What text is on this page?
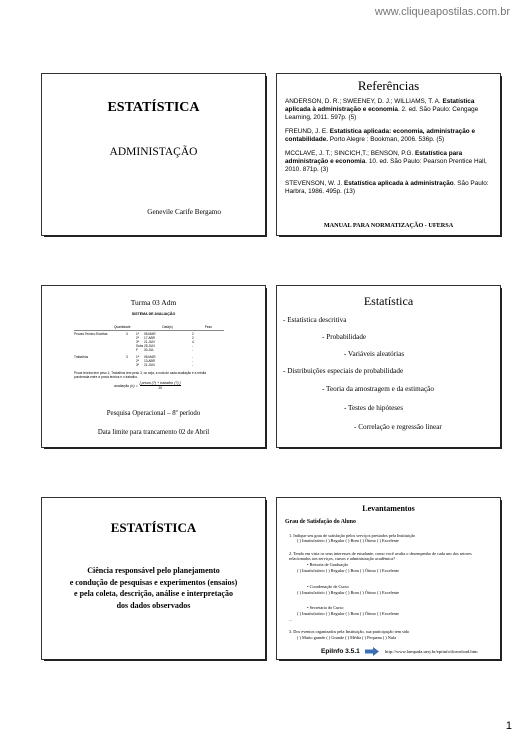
www.cliqueapostilas.com.br
ESTATÍSTICA
ADMINISTAÇÃO
Genevile Carife Bergamo
Referências
ANDERSON, D. R.; SWEENEY, D. J.; WILLIAMS, T. A. Estatística aplicada à administração e economia. 2. ed. São Paulo: Cengage Learning, 2011. 597p. (5)
FREUND, J. E. Estatística aplicada: economia, administração e contabilidade. Porto Alegre : Bookman, 2006. 536p. (5)
MCCLAVE, J. T.; SINCICH,T.; BENSON, P.G. Estatística para administração e economia. 10. ed. São Paulo: Pearson Prentice Hall, 2010. 871p. (3)
STEVENSON, W. J. Estatística aplicada à administração. São Paulo: Harbra, 1986. 495p. (13)
MANUAL PARA NORMATIZAÇÃO - UFERSA
Turma 03 Adm
SISTEMA DE AVALIAÇÃO
Quantidade	Data(s)	Peso
Provas Teórico-Escritas	3	1ª	06.MAR	2
2ª	17.ABR	2
3ª	21.JUN	4
Subs 25.JUN	-
F	30.JUL	-
Trabalhos	3	1ª	06.MAR	-
2ª	13.ABR	-
3ª	21.JUN	-
Prova teórica tem peso 1; Trabalhos tem peso 3, ou seja, a nota de cada avaliação é a média ponderada entre a prova teórica e o trabalho.
avaliação (n) =
[ prova (?) + trabalho (?) ]
10
Pesquisa Operacional – 8º período
Data limite para trancamento 02 de Abril
Estatística
- Estatística descritiva
- Probabilidade
- Variáveis aleatórias
- Distribuições especiais de probabilidade
- Teoria da amostragem e da estimação
- Testes de hipóteses
- Correlação e regressão linear
ESTATÍSTICA
Ciência responsável pelo planejamento
e condução de pesquisas e experimentos (ensaios)
e pela coleta, descrição, análise e interpretação
dos dados observados
Levantamentos
Grau de Satisfação do Aluno
1. Indique seu grau de satisfação pelos serviços prestados pela Instituição
( ) Insatisfatório ( ) Regular ( ) Bom ( ) Ótimo ( ) Excelente
2. Tendo em vista os seus interesses de estudante, como você avalia o desempenho de cada um dos setores relacionados aos serviços, cursos e administração acadêmica?
• Reitoria de Graduação
( ) Insatisfatório ( ) Regular ( ) Bom ( ) Ótimo ( ) Excelente
• Coordenação de Curso
( ) Insatisfatório ( ) Regular ( ) Bom ( ) Ótimo ( ) Excelente
• Secretaria do Curso
( ) Insatisfatório ( ) Regular ( ) Bom ( ) Ótimo ( ) Excelente
...
3. Dos eventos organizados pela Instituição, sua participação tem sido
( ) Muito grande ( ) Grande ( ) Média ( ) Pequena ( ) Nula
EpiInfo 3.5.1	http://www.lampada.uerj.br/epiinfo/download.htm
1
